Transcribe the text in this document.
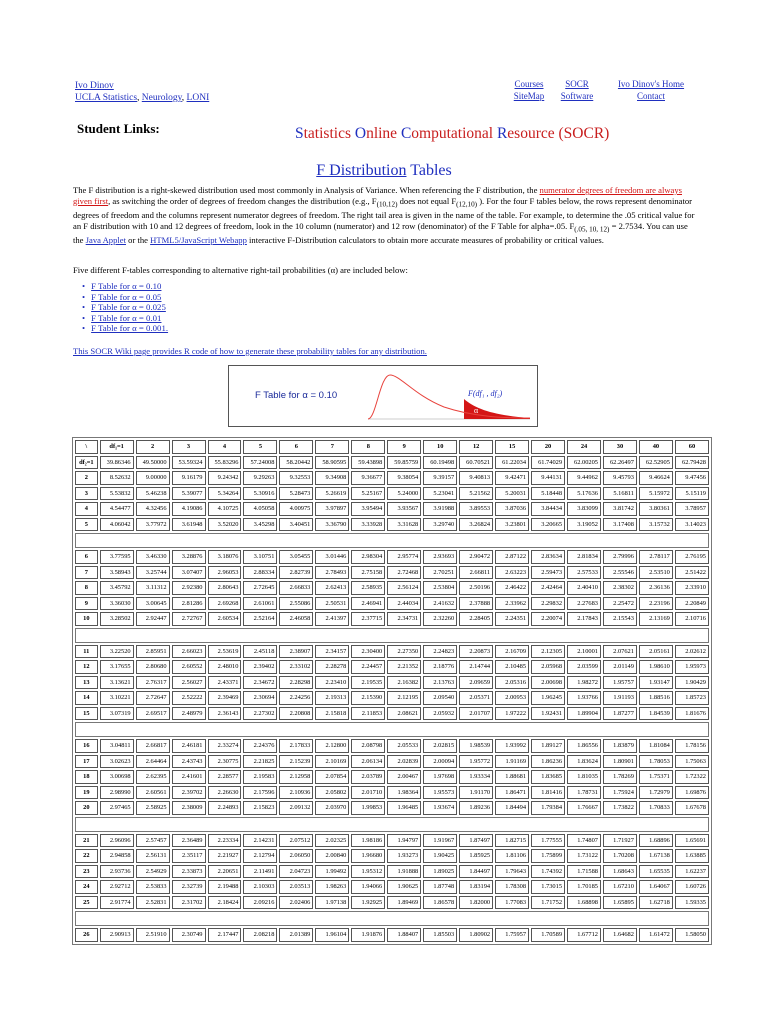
Ivo Dinov
UCLA Statistics, Neurology, LONI
Courses
SiteMap

SOCR
Software

Ivo Dinov's Home
Contact
Student Links:	Statistics Online Computational Resource (SOCR)
F Distribution Tables
The F distribution is a right-skewed distribution used most commonly in Analysis of Variance. When referencing the F distribution, the numerator degrees of freedom are always given first, as switching the order of degrees of freedom changes the distribution (e.g., $F_{(10,12)}$ does not equal $F_{(12,10)}$ ). For the four F tables below, the rows represent denominator degrees of freedom and the columns represent numerator degrees of freedom. The right tail area is given in the name of the table. For example, to determine the .05 critical value for an F distribution with 10 and 12 degrees of freedom, look in the 10 column (numerator) and 12 row (denominator) of the F Table for alpha=.05. $F_{(.05, 10, 12)} = 2.7534$. You can use the Java Applet or the HTML5/JavaScript Webapp interactive F-Distribution calculators to obtain more accurate measures of probability or critical values.
Five different F-tables corresponding to alternative right-tail probabilities (α) are included below:
• F Table for α = 0.10
• F Table for α = 0.05
• F Table for α = 0.025
• F Table for α = 0.01
• F Table for α = 0.001.
This SOCR Wiki page provides R code of how to generate these probability tables for any distribution.
F Table for α = 0.10	F(df₁ , df₂)
α
\	df₁=1	2	3	4	5	6	7	8	9	10	12	15	20	24	30	40	60
df₂=1	39.86346	49.50000	53.59324	55.83296	57.24008	58.20442	58.90595	59.43898	59.85759	60.19498	60.70521	61.22034	61.74029	62.00205	62.26497	62.52905	62.79428
2	8.52632	9.00000	9.16179	9.24342	9.29263	9.32553	9.34908	9.36677	9.38054	9.39157	9.40813	9.42471	9.44131	9.44962	9.45793	9.46624	9.47456
3	5.53832	5.46238	5.39077	5.34264	5.30916	5.28473	5.26619	5.25167	5.24000	5.23041	5.21562	5.20031	5.18448	5.17636	5.16811	5.15972	5.15119
4	4.54477	4.32456	4.19086	4.10725	4.05058	4.00975	3.97897	3.95494	3.93567	3.91988	3.89553	3.87036	3.84434	3.83099	3.81742	3.80361	3.78957
5	4.06042	3.77972	3.61948	3.52020	3.45298	3.40451	3.36790	3.33928	3.31628	3.29740	3.26824	3.23801	3.20665	3.19052	3.17408	3.15732	3.14023

6	3.77595	3.46330	3.28876	3.18076	3.10751	3.05455	3.01446	2.98304	2.95774	2.93693	2.90472	2.87122	2.83634	2.81834	2.79996	2.78117	2.76195
7	3.58943	3.25744	3.07407	2.96053	2.88334	2.82739	2.78493	2.75158	2.72468	2.70251	2.66811	2.63223	2.59473	2.57533	2.55546	2.53510	2.51422
8	3.45792	3.11312	2.92380	2.80643	2.72645	2.66833	2.62413	2.58935	2.56124	2.53804	2.50196	2.46422	2.42464	2.40410	2.38302	2.36136	2.33910
9	3.36030	3.00645	2.81286	2.69268	2.61061	2.55086	2.50531	2.46941	2.44034	2.41632	2.37888	2.33962	2.29832	2.27683	2.25472	2.23196	2.20849
10	3.28502	2.92447	2.72767	2.60534	2.52164	2.46058	2.41397	2.37715	2.34731	2.32260	2.28405	2.24351	2.20074	2.17843	2.15543	2.13169	2.10716

11	3.22520	2.85951	2.66023	2.53619	2.45118	2.38907	2.34157	2.30400	2.27350	2.24823	2.20873	2.16709	2.12305	2.10001	2.07621	2.05161	2.02612
12	3.17655	2.80680	2.60552	2.48010	2.39402	2.33102	2.28278	2.24457	2.21352	2.18776	2.14744	2.10485	2.05968	2.03599	2.01149	1.98610	1.95973
13	3.13621	2.76317	2.56027	2.43371	2.34672	2.28298	2.23410	2.19535	2.16382	2.13763	2.09659	2.05316	2.00698	1.98272	1.95757	1.93147	1.90429
14	3.10221	2.72647	2.52222	2.39469	2.30694	2.24256	2.19313	2.15390	2.12195	2.09540	2.05371	2.00953	1.96245	1.93766	1.91193	1.88516	1.85723
15	3.07319	2.69517	2.48979	2.36143	2.27302	2.20808	2.15818	2.11853	2.08621	2.05932	2.01707	1.97222	1.92431	1.89904	1.87277	1.84539	1.81676

16	3.04811	2.66817	2.46181	2.33274	2.24376	2.17833	2.12800	2.08798	2.05533	2.02815	1.98539	1.93992	1.89127	1.86556	1.83879	1.81084	1.78156
17	3.02623	2.64464	2.43743	2.30775	2.21825	2.15239	2.10169	2.06134	2.02839	2.00094	1.95772	1.91169	1.86236	1.83624	1.80901	1.78053	1.75063
18	3.00698	2.62395	2.41601	2.28577	2.19583	2.12958	2.07854	2.03789	2.00467	1.97698	1.93334	1.88681	1.83685	1.81035	1.78269	1.75371	1.72322
19	2.98990	2.60561	2.39702	2.26630	2.17596	2.10936	2.05802	2.01710	1.98364	1.95573	1.91170	1.86471	1.81416	1.78731	1.75924	1.72979	1.69876
20	2.97465	2.58925	2.38009	2.24893	2.15823	2.09132	2.03970	1.99853	1.96485	1.93674	1.89236	1.84494	1.79384	1.76667	1.73822	1.70833	1.67678

21	2.96096	2.57457	2.36489	2.23334	2.14231	2.07512	2.02325	1.98186	1.94797	1.91967	1.87497	1.82715	1.77555	1.74807	1.71927	1.68896	1.65691
22	2.94858	2.56131	2.35117	2.21927	2.12794	2.06050	2.00840	1.96680	1.93273	1.90425	1.85925	1.81106	1.75899	1.73122	1.70208	1.67138	1.63885
23	2.93736	2.54929	2.33873	2.20651	2.11491	2.04723	1.99492	1.95312	1.91888	1.89025	1.84497	1.79643	1.74392	1.71588	1.68643	1.65535	1.62237
24	2.92712	2.53833	2.32739	2.19488	2.10303	2.03513	1.98263	1.94066	1.90625	1.87748	1.83194	1.78308	1.73015	1.70185	1.67210	1.64067	1.60726
25	2.91774	2.52831	2.31702	2.18424	2.09216	2.02406	1.97138	1.92925	1.89469	1.86578	1.82000	1.77083	1.71752	1.68898	1.65895	1.62718	1.59335

26	2.90913	2.51910	2.30749	2.17447	2.08218	2.01389	1.96104	1.91876	1.88407	1.85503	1.80902	1.75957	1.70589	1.67712	1.64682	1.61472	1.58050
